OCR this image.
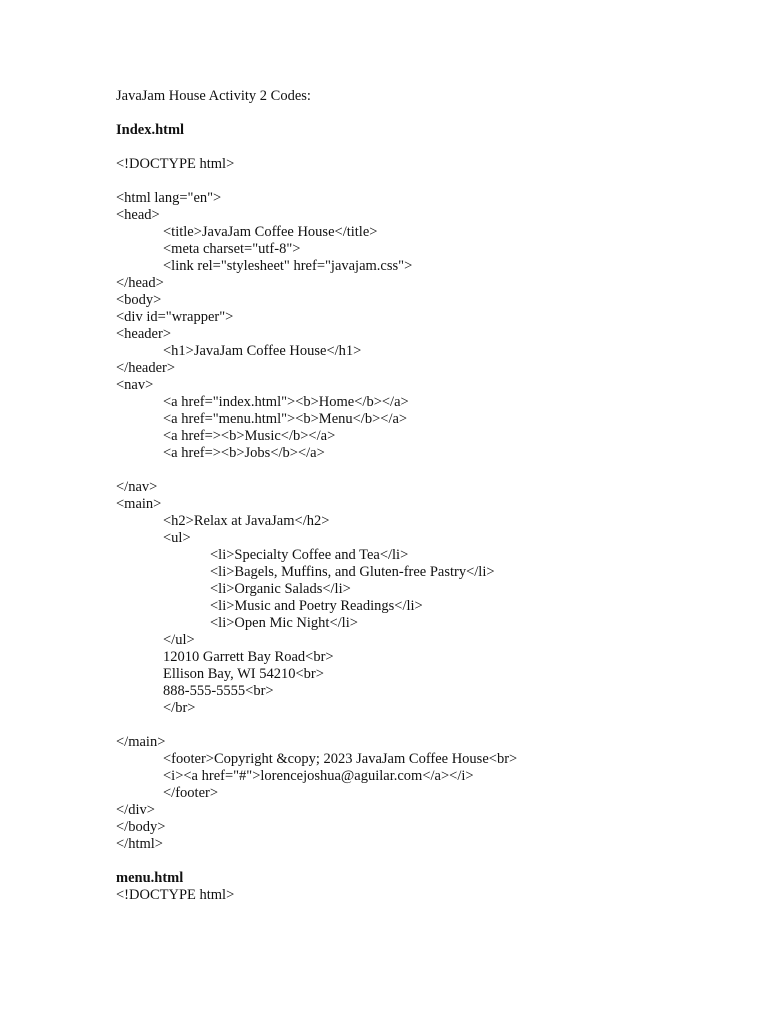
JavaJam House Activity 2 Codes:
Index.html
<!DOCTYPE html>
<html lang="en">
<head>
<title>JavaJam Coffee House</title>
<meta charset="utf-8">
<link rel="stylesheet" href="javajam.css">
</head>
<body>
<div id="wrapper">
<header>
<h1>JavaJam Coffee House</h1>
</header>
<nav>
<a href="index.html"><b>Home</b></a>
<a href="menu.html"><b>Menu</b></a>
<a href=><b>Music</b></a>
<a href=><b>Jobs</b></a>
</nav>
<main>
<h2>Relax at JavaJam</h2>
<ul>
<li>Specialty Coffee and Tea</li>
<li>Bagels, Muffins, and Gluten-free Pastry</li>
<li>Organic Salads</li>
<li>Music and Poetry Readings</li>
<li>Open Mic Night</li>
</ul>
12010 Garrett Bay Road<br>
Ellison Bay, WI 54210<br>
888-555-5555<br>
</br>
</main>
<footer>Copyright &copy; 2023 JavaJam Coffee House<br>
<i><a href="#">lorencejoshua@aguilar.com</a></i>
</footer>
</div>
</body>
</html>
menu.html
<!DOCTYPE html>
